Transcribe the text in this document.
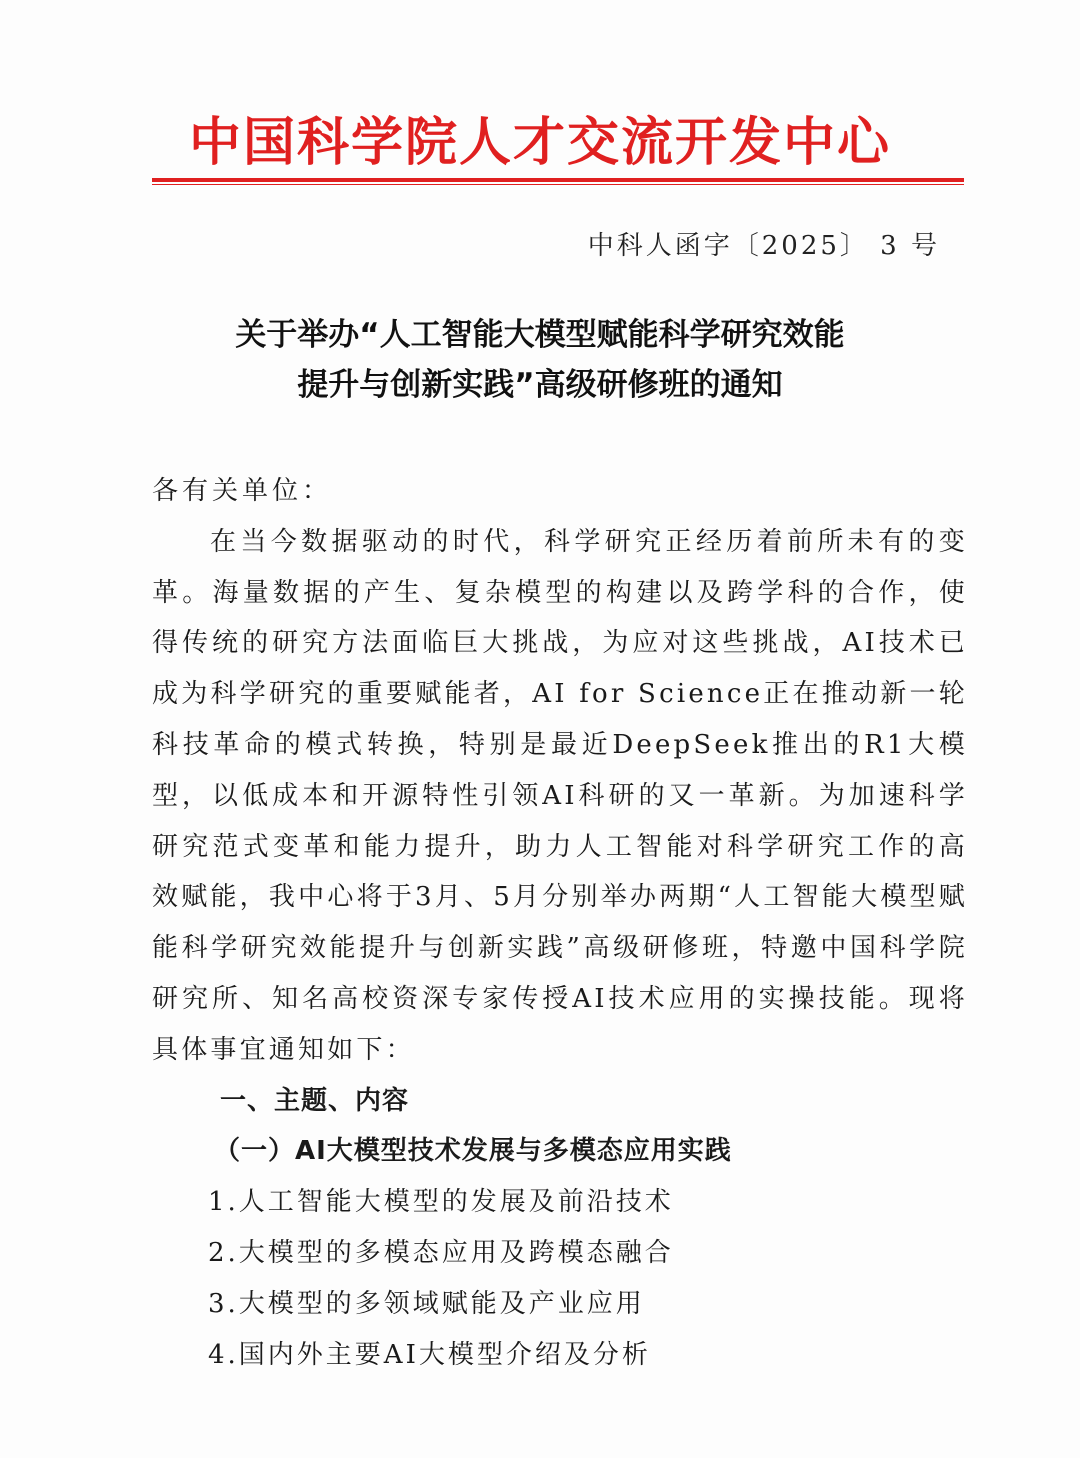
中国科学院人才交流开发中心
中科人函字〔2025〕 3 号
关于举办“人工智能大模型赋能科学研究效能
提升与创新实践”高级研修班的通知

各有关单位：

在当今数据驱动的时代，科学研究正经历着前所未有的变革。海量数据的产生、复杂模型的构建以及跨学科的合作，使得传统的研究方法面临巨大挑战，为应对这些挑战，AI技术已成为科学研究的重要赋能者，AI for Science正在推动新一轮科技革命的模式转换，特别是最近DeepSeek推出的R1大模型，以低成本和开源特性引领AI科研的又一革新。为加速科学研究范式变革和能力提升，助力人工智能对科学研究工作的高效赋能，我中心将于3月、5月分别举办两期“人工智能大模型赋能科学研究效能提升与创新实践”高级研修班，特邀中国科学院研究所、知名高校资深专家传授AI技术应用的实操技能。现将具体事宜通知如下：

一、主题、内容

（一）AI大模型技术发展与多模态应用实践

1.人工智能大模型的发展及前沿技术

2.大模型的多模态应用及跨模态融合

3.大模型的多领域赋能及产业应用

4.国内外主要AI大模型介绍及分析
